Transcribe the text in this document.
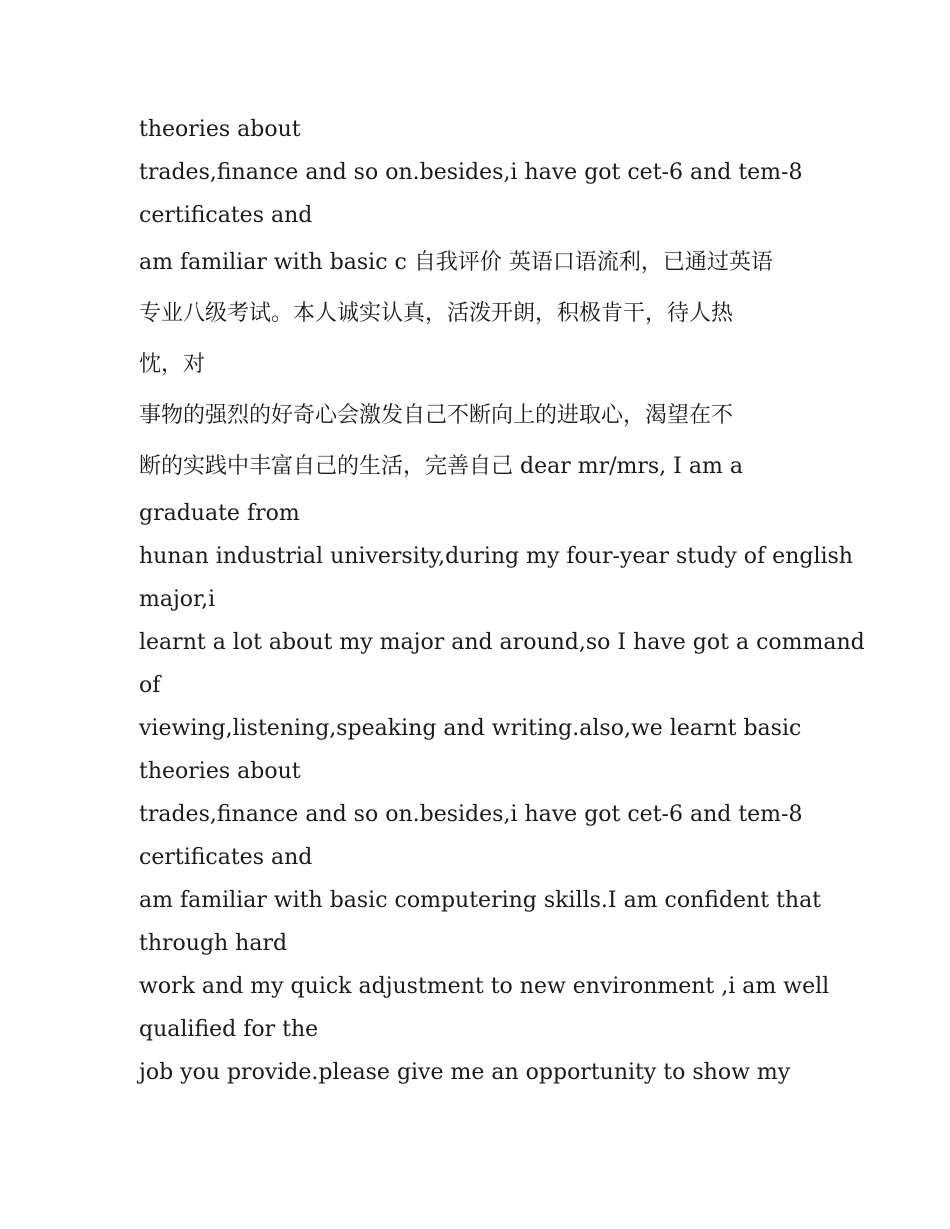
theories about

trades,finance and so on.besides,i have got cet-6 and tem-8

certificates and

am familiar with basic c 自我评价 英语口语流利，已通过英语

专业八级考试。本人诚实认真，活泼开朗，积极肯干，待人热

忱，对

事物的强烈的好奇心会激发自己不断向上的进取心，渴望在不

断的实践中丰富自己的生活，完善自己 dear mr/mrs, I am a

graduate from

hunan industrial university,during my four-year study of english

major,i

learnt a lot about my major and around,so I have got a command

of

viewing,listening,speaking and writing.also,we learnt basic

theories about

trades,finance and so on.besides,i have got cet-6 and tem-8

certificates and

am familiar with basic computering skills.I am confident that

through hard

work and my quick adjustment to new environment ,i am well

qualified for the

job you provide.please give me an opportunity to show my
